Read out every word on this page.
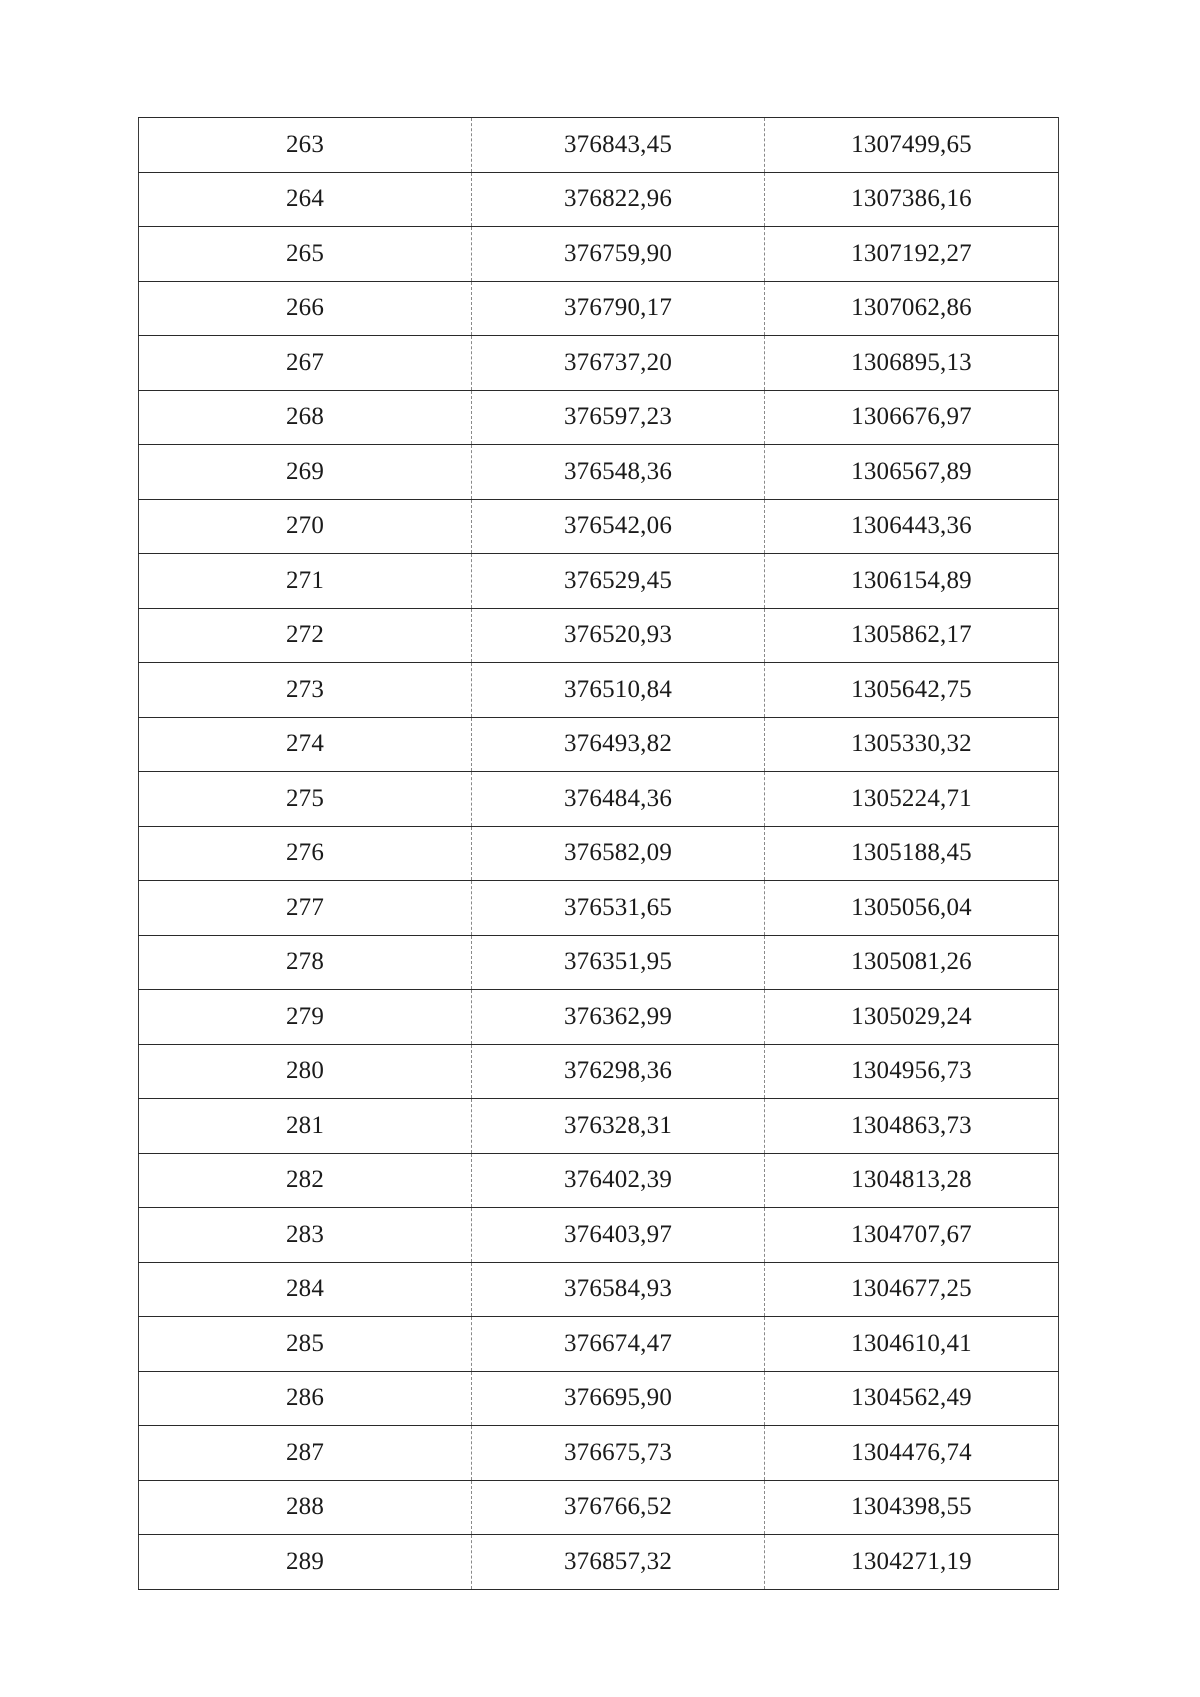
263	376843,45	1307499,65
264	376822,96	1307386,16
265	376759,90	1307192,27
266	376790,17	1307062,86
267	376737,20	1306895,13
268	376597,23	1306676,97
269	376548,36	1306567,89
270	376542,06	1306443,36
271	376529,45	1306154,89
272	376520,93	1305862,17
273	376510,84	1305642,75
274	376493,82	1305330,32
275	376484,36	1305224,71
276	376582,09	1305188,45
277	376531,65	1305056,04
278	376351,95	1305081,26
279	376362,99	1305029,24
280	376298,36	1304956,73
281	376328,31	1304863,73
282	376402,39	1304813,28
283	376403,97	1304707,67
284	376584,93	1304677,25
285	376674,47	1304610,41
286	376695,90	1304562,49
287	376675,73	1304476,74
288	376766,52	1304398,55
289	376857,32	1304271,19
